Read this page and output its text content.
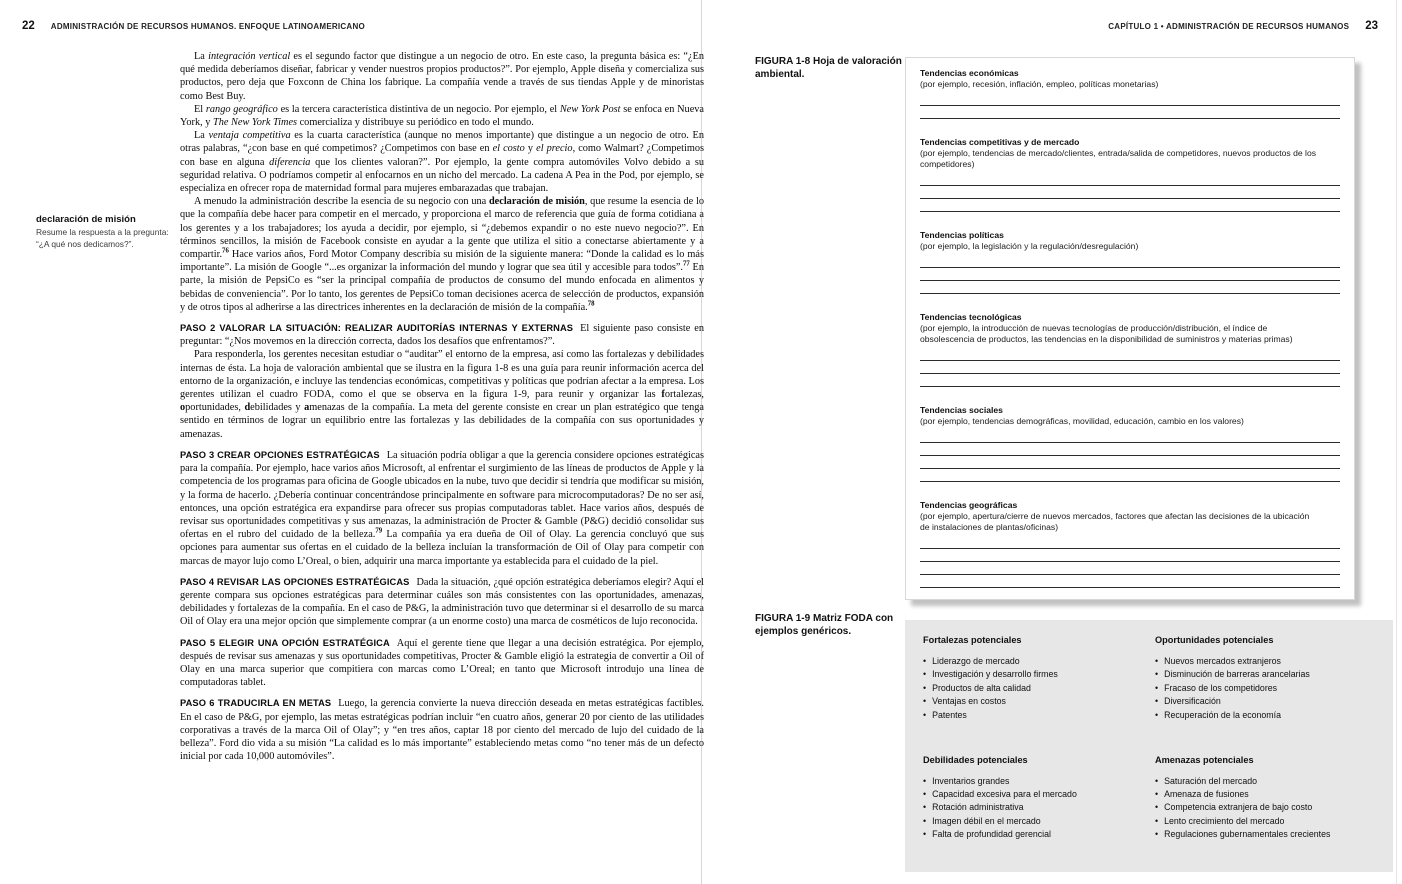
22 ADMINISTRACIÓN DE RECURSOS HUMANOS. ENFOQUE LATINOAMERICANO	CAPÍTULO 1 • ADMINISTRACIÓN DE RECURSOS HUMANOS 23
declaración de misión
Resume la respuesta a la pregunta: “¿A qué nos dedicamos?”.

La integración vertical es el segundo factor que distingue a un negocio de otro. En este caso, la pregunta básica es: “¿En qué medida deberíamos diseñar, fabricar y vender nuestros propios productos?”. Por ejemplo, Apple diseña y comercializa sus productos, pero deja que Foxconn de China los fabrique. La compañía vende a través de sus tiendas Apple y de minoristas como Best Buy.

El rango geográfico es la tercera característica distintiva de un negocio. Por ejemplo, el New York Post se enfoca en Nueva York, y The New York Times comercializa y distribuye su periódico en todo el mundo.

La ventaja competitiva es la cuarta característica (aunque no menos importante) que distingue a un negocio de otro. En otras palabras, “¿con base en qué competimos? ¿Competimos con base en el costo y el precio, como Walmart? ¿Competimos con base en alguna diferencia que los clientes valoran?”. Por ejemplo, la gente compra automóviles Volvo debido a su seguridad relativa. O podríamos competir al enfocarnos en un nicho del mercado. La cadena A Pea in the Pod, por ejemplo, se especializa en ofrecer ropa de maternidad formal para mujeres embarazadas que trabajan.

A menudo la administración describe la esencia de su negocio con una declaración de misión, que resume la esencia de lo que la compañía debe hacer para competir en el mercado, y proporciona el marco de referencia que guía de forma cotidiana a los gerentes y a los trabajadores; los ayuda a decidir, por ejemplo, si “¿debemos expandir o no este nuevo negocio?”. En términos sencillos, la misión de Facebook consiste en ayudar a la gente que utiliza el sitio a conectarse abiertamente y a compartir.$^{76}$ Hace varios años, Ford Motor Company describía su misión de la siguiente manera: “Donde la calidad es lo más importante”. La misión de Google “...es organizar la información del mundo y lograr que sea útil y accesible para todos”.$^{77}$ En parte, la misión de PepsiCo es “ser la principal compañía de productos de consumo del mundo enfocada en alimentos y bebidas de conveniencia”. Por lo tanto, los gerentes de PepsiCo toman decisiones acerca de selección de productos, expansión y de otros tipos al adherirse a las directrices inherentes en la declaración de misión de la compañía.$^{78}$

PASO 2 VALORAR LA SITUACIÓN: REALIZAR AUDITORÍAS INTERNAS Y EXTERNAS El siguiente paso consiste en preguntar: “¿Nos movemos en la dirección correcta, dados los desafíos que enfrentamos?”.

Para responderla, los gerentes necesitan estudiar o “auditar” el entorno de la empresa, así como las fortalezas y debilidades internas de ésta. La hoja de valoración ambiental que se ilustra en la figura 1-8 es una guía para reunir información acerca del entorno de la organización, e incluye las tendencias económicas, competitivas y políticas que podrían afectar a la empresa. Los gerentes utilizan el cuadro FODA, como el que se observa en la figura 1-9, para reunir y organizar las fortalezas, oportunidades, debilidades y amenazas de la compañía. La meta del gerente consiste en crear un plan estratégico que tenga sentido en términos de lograr un equilibrio entre las fortalezas y las debilidades de la compañía con sus oportunidades y amenazas.

PASO 3 CREAR OPCIONES ESTRATÉGICAS La situación podría obligar a que la gerencia considere opciones estratégicas para la compañía. Por ejemplo, hace varios años Microsoft, al enfrentar el surgimiento de las líneas de productos de Apple y la competencia de los programas para oficina de Google ubicados en la nube, tuvo que decidir si tendría que modificar su misión, y la forma de hacerlo. ¿Debería continuar concentrándose principalmente en software para microcomputadoras? De no ser así, entonces, una opción estratégica era expandirse para ofrecer sus propias computadoras tablet. Hace varios años, después de revisar sus oportunidades competitivas y sus amenazas, la administración de Procter & Gamble (P&G) decidió consolidar sus ofertas en el rubro del cuidado de la belleza.$^{79}$ La compañía ya era dueña de Oil of Olay. La gerencia concluyó que sus opciones para aumentar sus ofertas en el cuidado de la belleza incluían la transformación de Oil of Olay para competir con marcas de mayor lujo como L’Oreal, o bien, adquirir una marca importante ya establecida para el cuidado de la piel.

PASO 4 REVISAR LAS OPCIONES ESTRATÉGICAS Dada la situación, ¿qué opción estratégica deberíamos elegir? Aquí el gerente compara sus opciones estratégicas para determinar cuáles son más consistentes con las oportunidades, amenazas, debilidades y fortalezas de la compañía. En el caso de P&G, la administración tuvo que determinar si el desarrollo de su marca Oil of Olay era una mejor opción que simplemente comprar (a un enorme costo) una marca de cosméticos de lujo reconocida.

PASO 5 ELEGIR UNA OPCIÓN ESTRATÉGICA Aquí el gerente tiene que llegar a una decisión estratégica. Por ejemplo, después de revisar sus amenazas y sus oportunidades competitivas, Procter & Gamble eligió la estrategia de convertir a Oil of Olay en una marca superior que compitiera con marcas como L’Oreal; en tanto que Microsoft introdujo una línea de computadoras tablet.

PASO 6 TRADUCIRLA EN METAS Luego, la gerencia convierte la nueva dirección deseada en metas estratégicas factibles. En el caso de P&G, por ejemplo, las metas estratégicas podrían incluir “en cuatro años, generar 20 por ciento de las utilidades corporativas a través de la marca Oil of Olay”; y “en tres años, captar 18 por ciento del mercado de lujo del cuidado de la belleza”. Ford dio vida a su misión “La calidad es lo más importante” estableciendo metas como “no tener más de un defecto inicial por cada 10,000 automóviles”.

FIGURA 1-8 Hoja de valoración ambiental.	Tendencias económicas
(por ejemplo, recesión, inflación, empleo, políticas monetarias)
Tendencias competitivas y de mercado
(por ejemplo, tendencias de mercado/clientes, entrada/salida de competidores, nuevos productos de los competidores)
Tendencias políticas
(por ejemplo, la legislación y la regulación/desregulación)
Tendencias tecnológicas
(por ejemplo, la introducción de nuevas tecnologías de producción/distribución, el índice de obsolescencia de productos, las tendencias en la disponibilidad de suministros y materias primas)
Tendencias sociales
(por ejemplo, tendencias demográficas, movilidad, educación, cambio en los valores)
Tendencias geográficas
(por ejemplo, apertura/cierre de nuevos mercados, factores que afectan las decisiones de la ubicación de instalaciones de plantas/oficinas)
FIGURA 1-9 Matriz FODA con ejemplos genéricos.
Fortalezas potenciales
• Liderazgo de mercado
• Investigación y desarrollo firmes
• Productos de alta calidad
• Ventajas en costos
• Patentes
Oportunidades potenciales
• Nuevos mercados extranjeros
• Disminución de barreras arancelarias
• Fracaso de los competidores
• Diversificación
• Recuperación de la economía
Debilidades potenciales
• Inventarios grandes
• Capacidad excesiva para el mercado
• Rotación administrativa
• Imagen débil en el mercado
• Falta de profundidad gerencial
Amenazas potenciales
• Saturación del mercado
• Amenaza de fusiones
• Competencia extranjera de bajo costo
• Lento crecimiento del mercado
• Regulaciones gubernamentales crecientes
